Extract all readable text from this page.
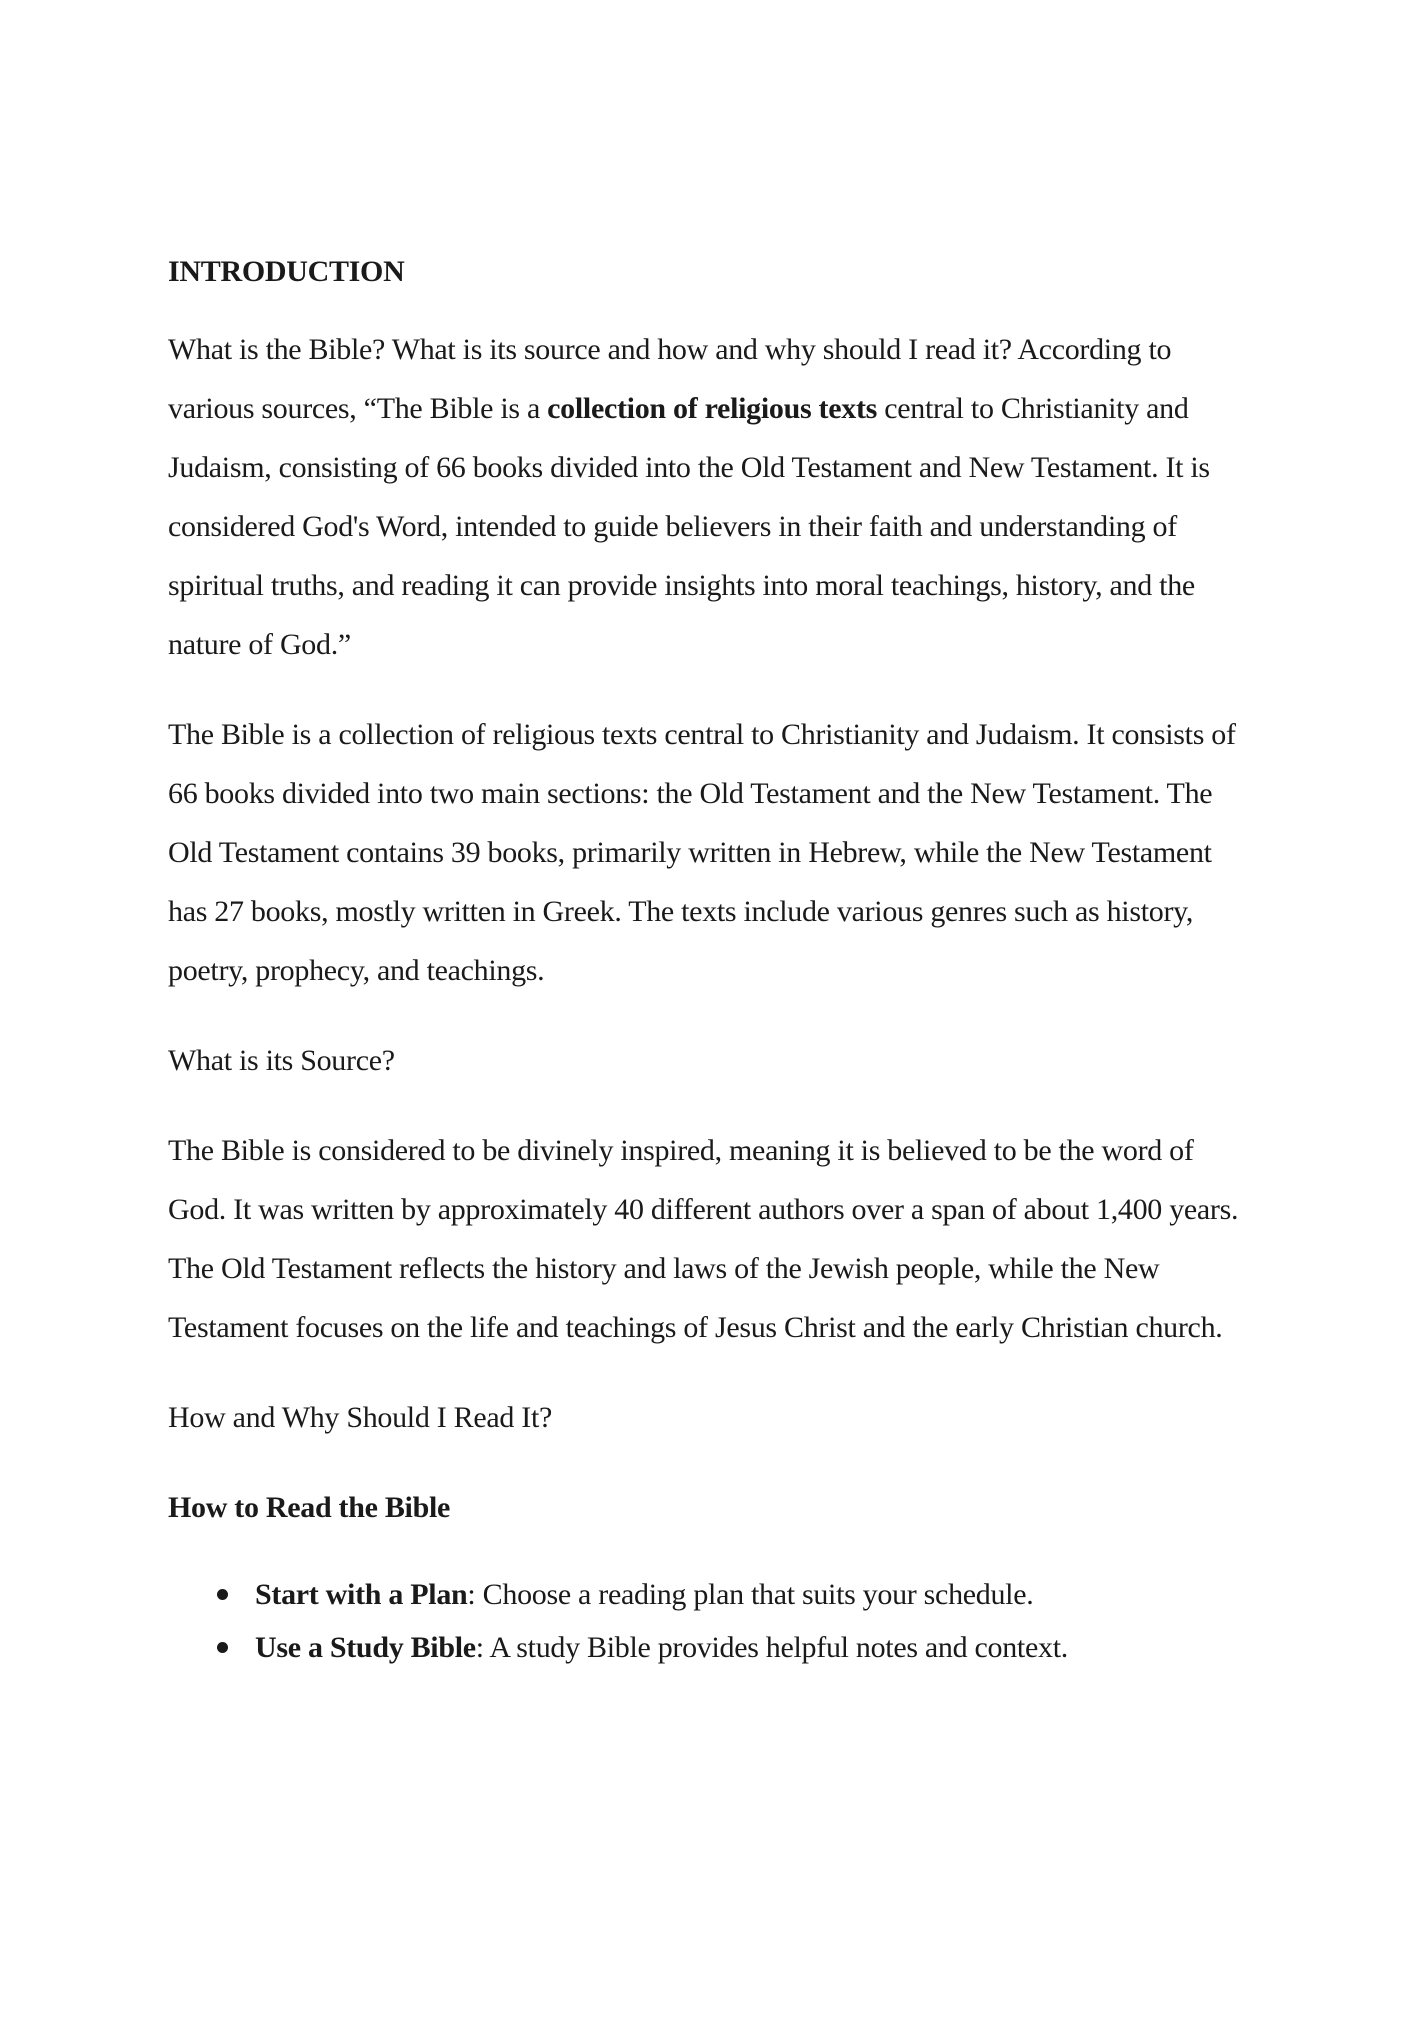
INTRODUCTION

What is the Bible? What is its source and how and why should I read it? According to various sources, “The Bible is a collection of religious texts central to Christianity and Judaism, consisting of 66 books divided into the Old Testament and New Testament. It is considered God's Word, intended to guide believers in their faith and understanding of spiritual truths, and reading it can provide insights into moral teachings, history, and the nature of God.”

The Bible is a collection of religious texts central to Christianity and Judaism. It consists of 66 books divided into two main sections: the Old Testament and the New Testament. The Old Testament contains 39 books, primarily written in Hebrew, while the New Testament has 27 books, mostly written in Greek. The texts include various genres such as history, poetry, prophecy, and teachings.

What is its Source?

The Bible is considered to be divinely inspired, meaning it is believed to be the word of God. It was written by approximately 40 different authors over a span of about 1,400 years. The Old Testament reflects the history and laws of the Jewish people, while the New Testament focuses on the life and teachings of Jesus Christ and the early Christian church.

How and Why Should I Read It?
How to Read the Bible
Start with a Plan: Choose a reading plan that suits your schedule.
Use a Study Bible: A study Bible provides helpful notes and context.
